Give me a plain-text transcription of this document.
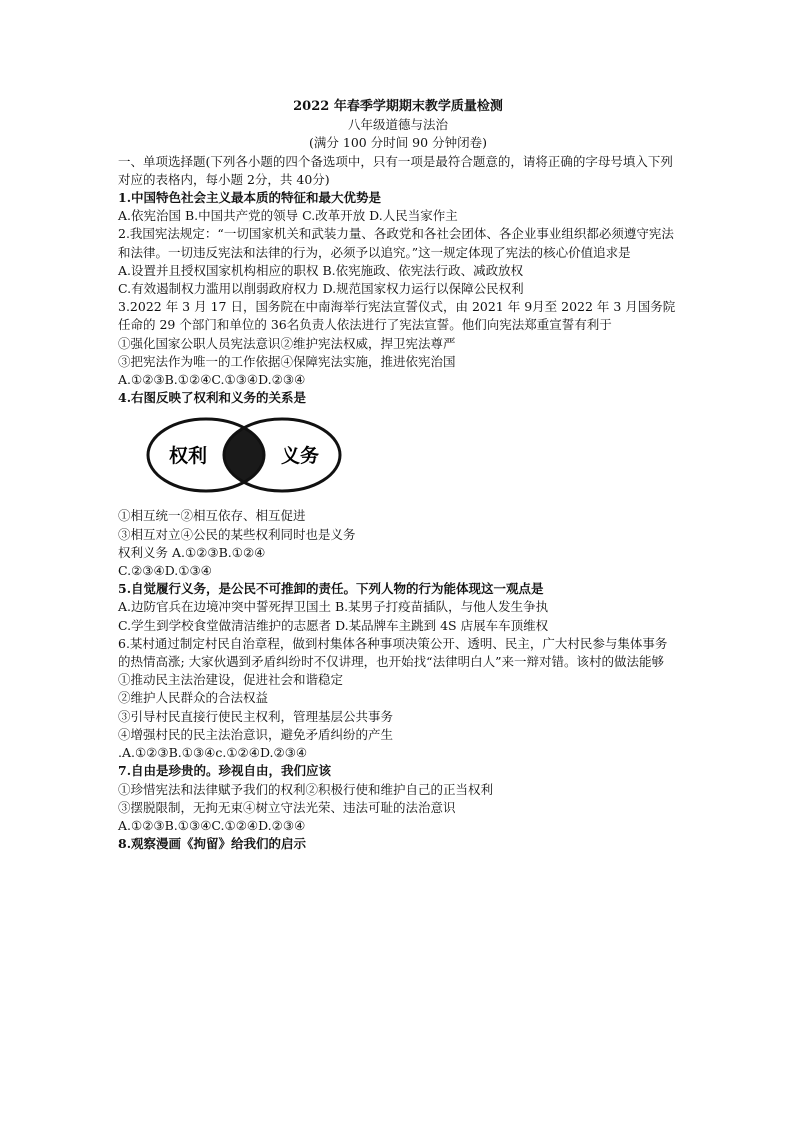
2022 年春季学期期末教学质量检测
八年级道德与法治
(满分 100 分时间 90 分钟闭卷)
一、单项选择题(下列各小题的四个备选项中，只有一项是最符合题意的，请将正确的字母号填入下列对应的表格内，每小题 2分，共 40分)
1.中国特色社会主义最本质的特征和最大优势是
A.依宪治国 B.中国共产党的领导 C.改革开放 D.人民当家作主
2.我国宪法规定：“一切国家机关和武装力量、各政党和各社会团体、各企业事业组织都必须遵守宪法和法律。一切违反宪法和法律的行为，必须予以追究。”这一规定体现了宪法的核心价值追求是
A.设置并且授权国家机构相应的职权 B.依宪施政、依宪法行政、减政放权
C.有效遏制权力滥用以削弱政府权力 D.规范国家权力运行以保障公民权利
3.2022 年 3 月 17 日，国务院在中南海举行宪法宣誓仪式，由 2021 年 9月至 2022 年 3 月国务院任命的 29 个部门和单位的 36名负责人依法进行了宪法宣誓。他们向宪法郑重宣誓有利于
①强化国家公职人员宪法意识②维护宪法权威，捍卫宪法尊严
③把宪法作为唯一的工作依据④保障宪法实施，推进依宪治国
A.①②③B.①②④C.①③④D.②③④
4.右图反映了权利和义务的关系是
权利	义务
①相互统一②相互依存、相互促进
③相互对立④公民的某些权利同时也是义务
权利义务 A.①②③B.①②④
C.②③④D.①③④
5.自觉履行义务，是公民不可推卸的责任。下列人物的行为能体现这一观点是
A.边防官兵在边境冲突中誓死捍卫国土 B.某男子打疫苗插队，与他人发生争执
C.学生到学校食堂做清洁维护的志愿者 D.某品牌车主跳到 4S 店展车车顶维权
6.某村通过制定村民自治章程，做到村集体各种事项决策公开、透明、民主，广大村民参与集体事务的热情高涨; 大家伙遇到矛盾纠纷时不仅讲理，也开始找“法律明白人”来一辩对错。该村的做法能够
①推动民主法治建设，促进社会和谐稳定
②维护人民群众的合法权益
③引导村民直接行使民主权利，管理基层公共事务
④增强村民的民主法治意识，避免矛盾纠纷的产生
.A.①②③B.①③④c.①②④D.②③④
7.自由是珍贵的。珍视自由，我们应该
①珍惜宪法和法律赋予我们的权利②积极行使和维护自己的正当权利
③摆脱限制，无拘无束④树立守法光荣、违法可耻的法治意识
A.①②③B.①③④C.①②④D.②③④
8.观察漫画《拘留》给我们的启示
